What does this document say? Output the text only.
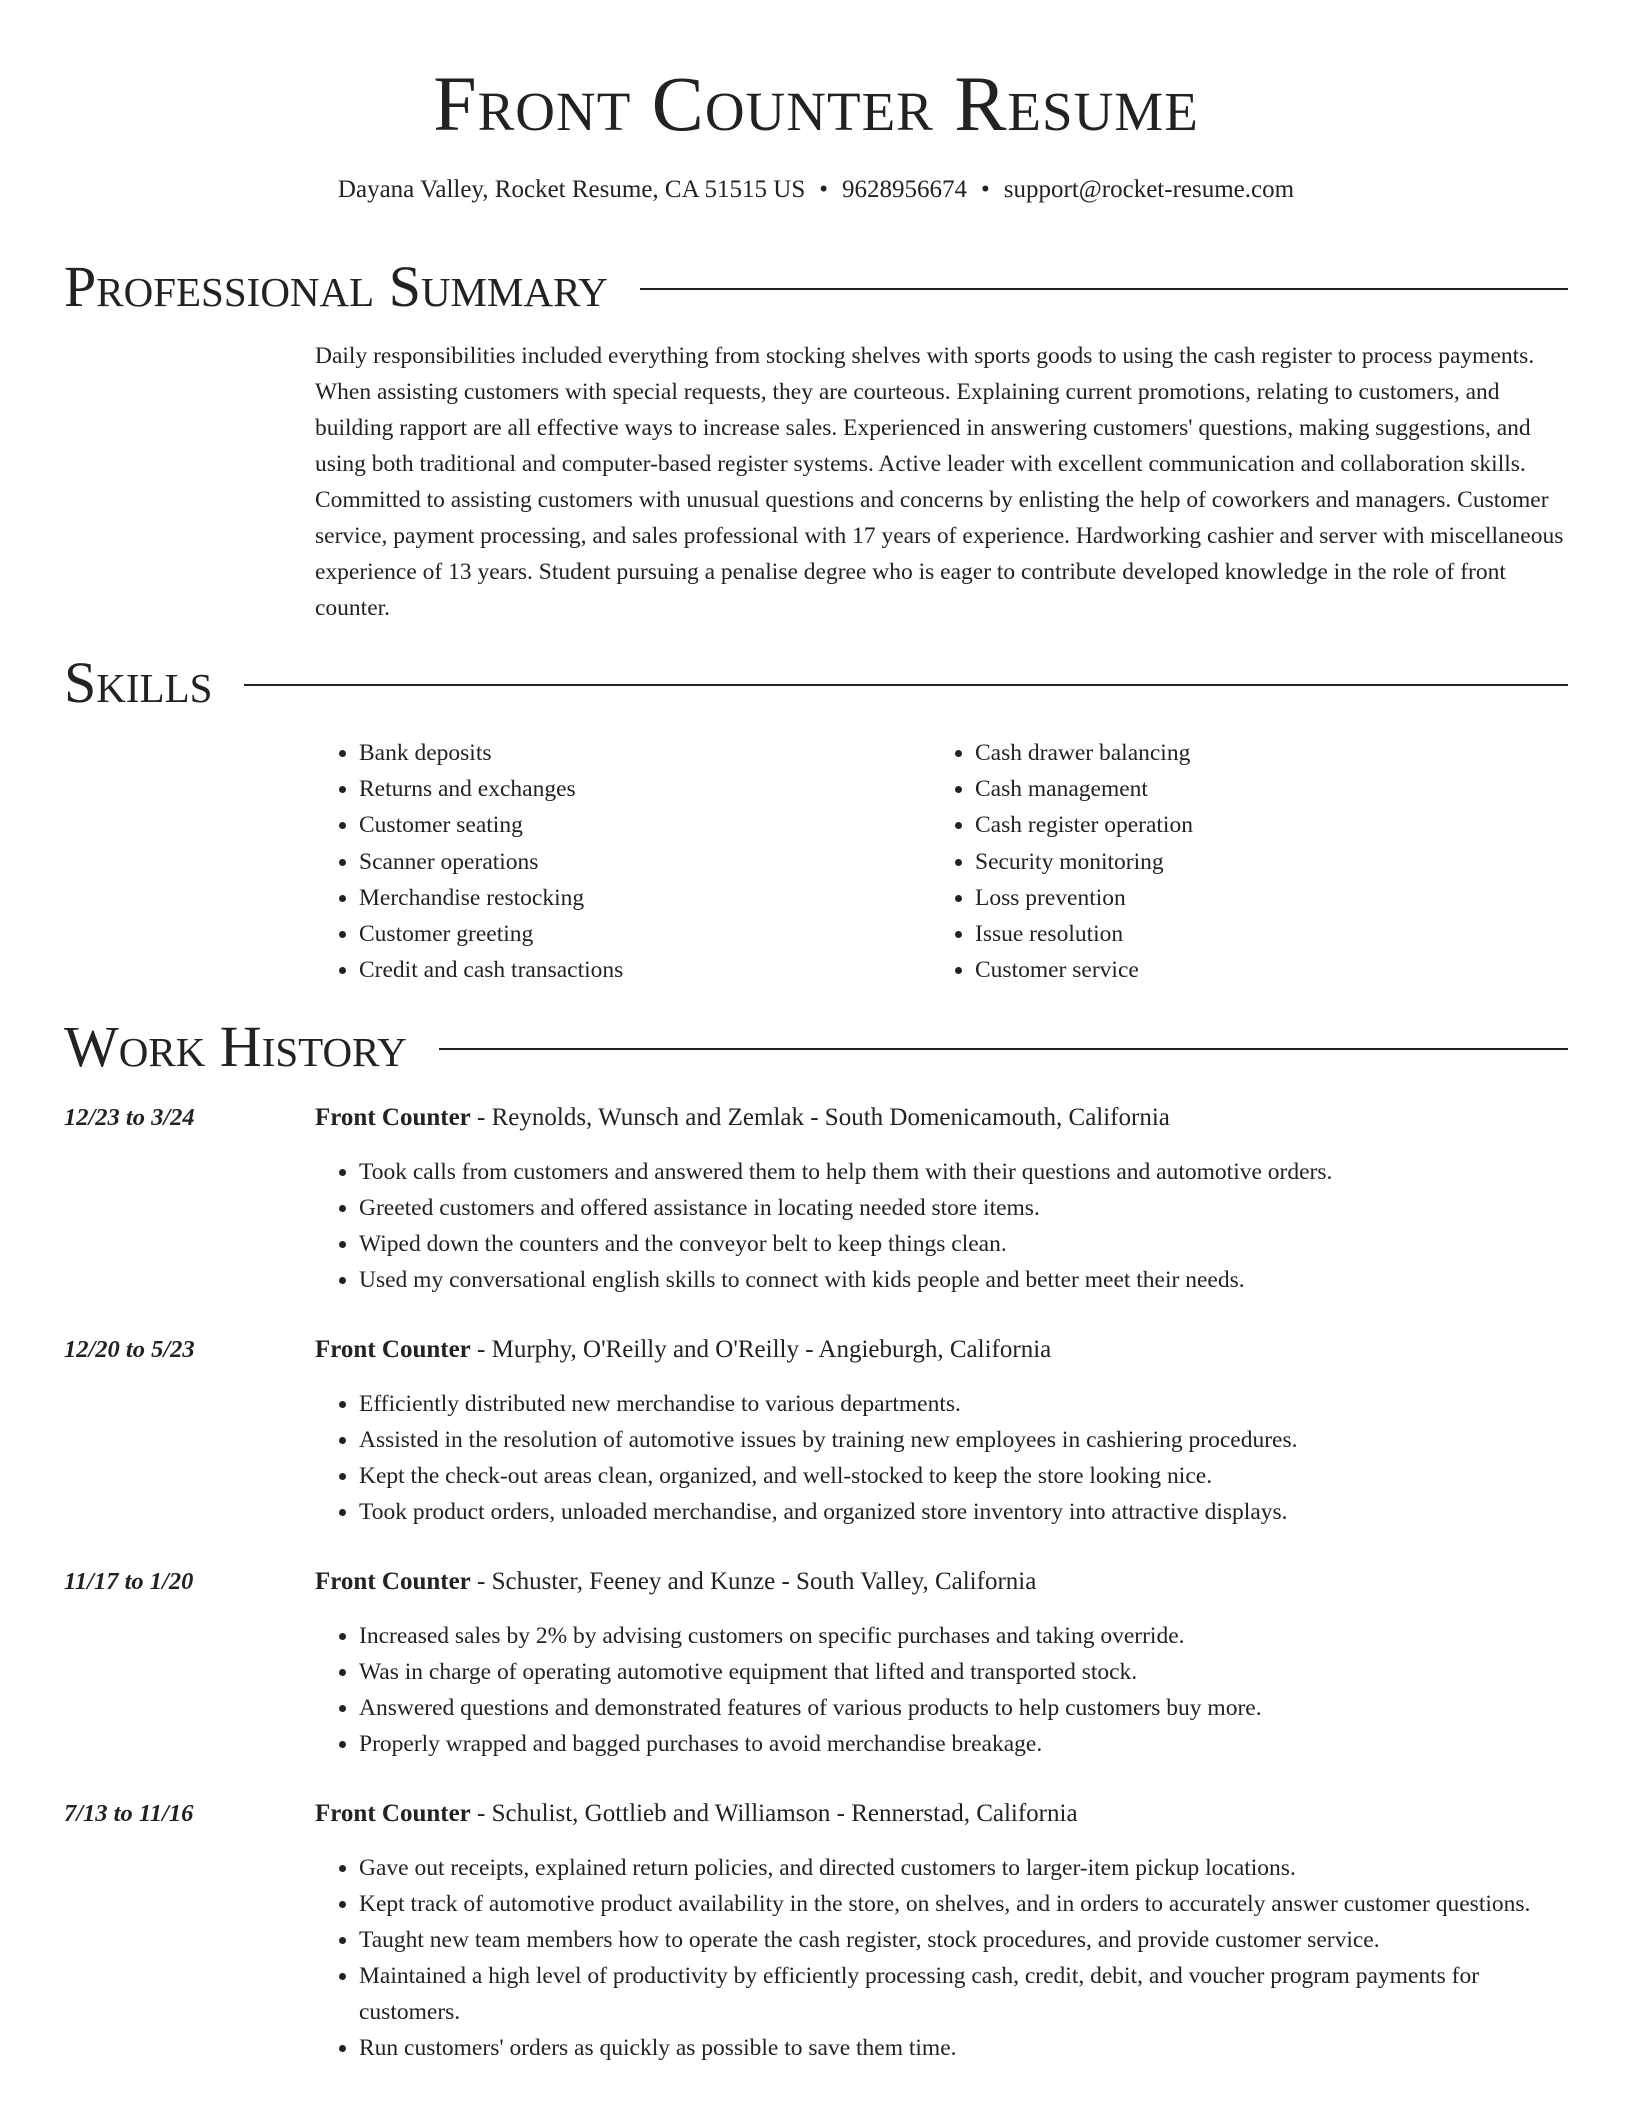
Front Counter Resume
Dayana Valley, Rocket Resume, CA 51515 US • 9628956674 • support@rocket-resume.com
Professional Summary

Daily responsibilities included everything from stocking shelves with sports goods to using the cash register to process payments. When assisting customers with special requests, they are courteous. Explaining current promotions, relating to customers, and building rapport are all effective ways to increase sales. Experienced in answering customers' questions, making suggestions, and using both traditional and computer-based register systems. Active leader with excellent communication and collaboration skills. Committed to assisting customers with unusual questions and concerns by enlisting the help of coworkers and managers. Customer service, payment processing, and sales professional with 17 years of experience. Hardworking cashier and server with miscellaneous experience of 13 years. Student pursuing a penalise degree who is eager to contribute developed knowledge in the role of front counter.

Skills
• Bank deposits
• Returns and exchanges
• Customer seating
• Scanner operations
• Merchandise restocking
• Customer greeting
• Credit and cash transactions
• Cash drawer balancing
• Cash management
• Cash register operation
• Security monitoring
• Loss prevention
• Issue resolution
• Customer service
Work History
12/23 to 3/24	Front Counter - Reynolds, Wunsch and Zemlak - South Domenicamouth, California
• Took calls from customers and answered them to help them with their questions and automotive orders.
• Greeted customers and offered assistance in locating needed store items.
• Wiped down the counters and the conveyor belt to keep things clean.
• Used my conversational english skills to connect with kids people and better meet their needs.
12/20 to 5/23	Front Counter - Murphy, O'Reilly and O'Reilly - Angieburgh, California
• Efficiently distributed new merchandise to various departments.
• Assisted in the resolution of automotive issues by training new employees in cashiering procedures.
• Kept the check-out areas clean, organized, and well-stocked to keep the store looking nice.
• Took product orders, unloaded merchandise, and organized store inventory into attractive displays.
11/17 to 1/20	Front Counter - Schuster, Feeney and Kunze - South Valley, California
• Increased sales by 2% by advising customers on specific purchases and taking override.
• Was in charge of operating automotive equipment that lifted and transported stock.
• Answered questions and demonstrated features of various products to help customers buy more.
• Properly wrapped and bagged purchases to avoid merchandise breakage.
7/13 to 11/16	Front Counter - Schulist, Gottlieb and Williamson - Rennerstad, California
• Gave out receipts, explained return policies, and directed customers to larger-item pickup locations.
• Kept track of automotive product availability in the store, on shelves, and in orders to accurately answer customer questions.
• Taught new team members how to operate the cash register, stock procedures, and provide customer service.
• Maintained a high level of productivity by efficiently processing cash, credit, debit, and voucher program payments for customers.
• Run customers' orders as quickly as possible to save them time.
